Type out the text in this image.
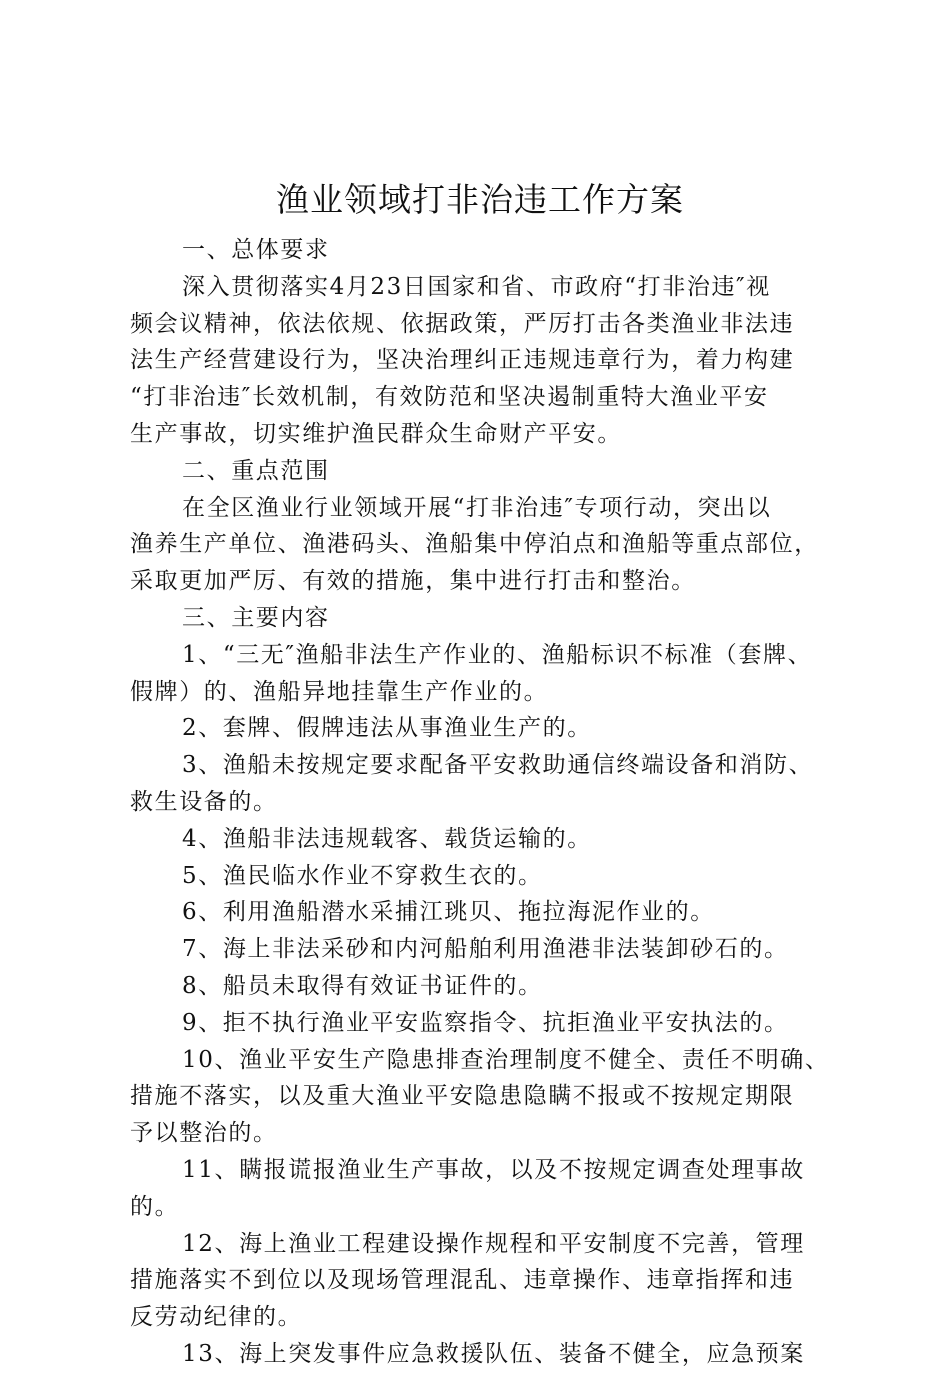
渔业领域打非治违工作方案

一、总体要求

深入贯彻落实4月23日国家和省、市政府“打非治违″视

频会议精神，依法依规、依据政策，严厉打击各类渔业非法违

法生产经营建设行为，坚决治理纠正违规违章行为，着力构建

“打非治违″长效机制，有效防范和坚决遏制重特大渔业平安

生产事故，切实维护渔民群众生命财产平安。

二、重点范围

在全区渔业行业领域开展“打非治违″专项行动，突出以

渔养生产单位、渔港码头、渔船集中停泊点和渔船等重点部位，

采取更加严厉、有效的措施，集中进行打击和整治。

三、主要内容

1、“三无″渔船非法生产作业的、渔船标识不标准（套牌、

假牌）的、渔船异地挂靠生产作业的。

2、套牌、假牌违法从事渔业生产的。

3、渔船未按规定要求配备平安救助通信终端设备和消防、

救生设备的。

4、渔船非法违规载客、载货运输的。

5、渔民临水作业不穿救生衣的。

6、利用渔船潜水采捕江珧贝、拖拉海泥作业的。

7、海上非法采砂和内河船舶利用渔港非法装卸砂石的。

8、船员未取得有效证书证件的。

9、拒不执行渔业平安监察指令、抗拒渔业平安执法的。

10、渔业平安生产隐患排查治理制度不健全、责任不明确、

措施不落实，以及重大渔业平安隐患隐瞒不报或不按规定期限

予以整治的。

11、瞒报谎报渔业生产事故，以及不按规定调查处理事故

的。

12、海上渔业工程建设操作规程和平安制度不完善，管理

措施落实不到位以及现场管理混乱、违章操作、违章指挥和违

反劳动纪律的。

13、海上突发事件应急救援队伍、装备不健全，应急预案
